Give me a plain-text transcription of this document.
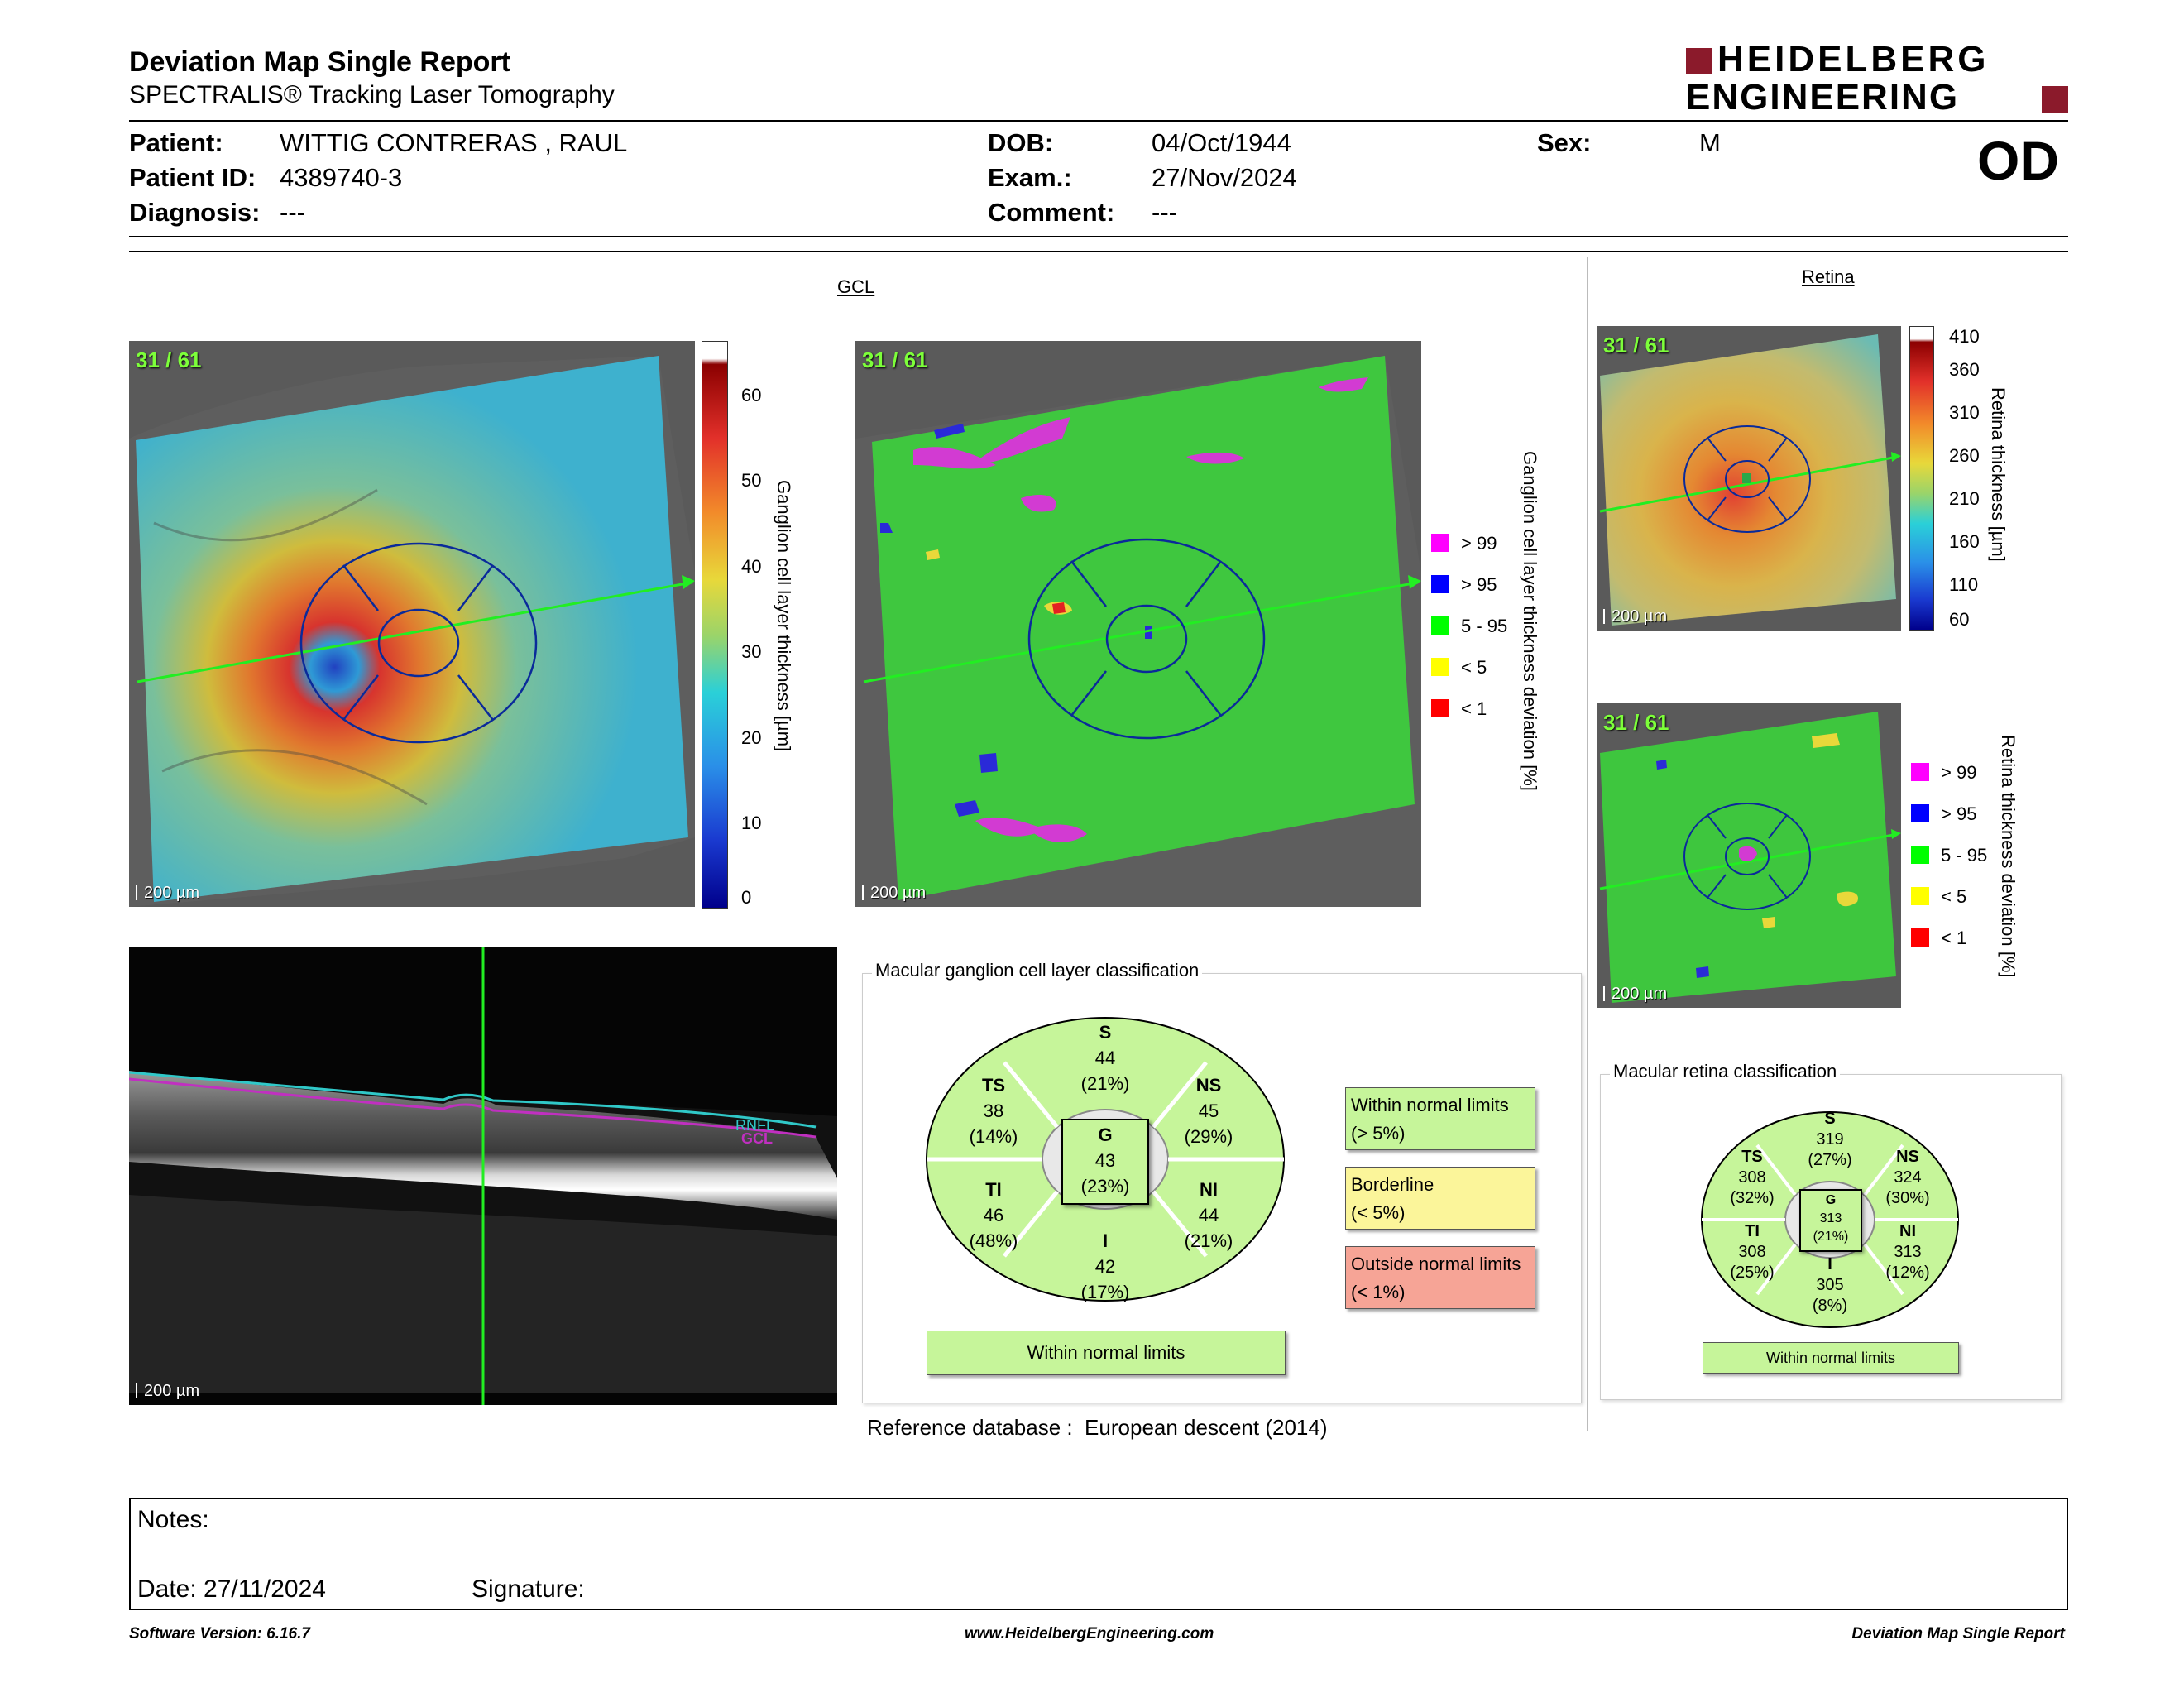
Deviation Map Single Report
SPECTRALIS® Tracking Laser Tomography
HEIDELBERG
ENGINEERING
Patient: WITTIG CONTRERAS , RAUL
Patient ID: 4389740-3
Diagnosis: ---
DOB:	04/Oct/1944
Exam.:	27/Nov/2024
Comment: ---
Sex:	M	OD
GCL
31 / 61
200 µm
60
50
40
30
20
10
0
Ganglion cell layer thickness [µm]
31 / 61
200 µm
> 99
> 95
5 - 95
< 5
< 1 Ganglion cell layer thickness deviation [%]
RNFL
GCL
200 µm
Macular ganglion cell layer classification
S
44
(21%)
TS
38
(14%)
NS
45
(29%)
G
43
(23%)
TI
46
(48%)
NI
44
(21%)
I
42
(17%)
Within normal limits
Within normal limits
(> 5%)
Borderline
(< 5%)
Outside normal limits
(< 1%)
Reference database :  European descent (2014)
Retina
31 / 61
200 µm
410
360
310
260
210
160
110
60
Retina thickness [µm]
31 / 61
200 µm
> 99
> 95
5 - 95
< 5
< 1 Retina thickness deviation [%]
Macular retina classification
S
319
(27%)
TS
308
(32%)
NS
324
(30%)
G
313
(21%)
TI
308
(25%)
NI
313
(12%)
I
305
(8%)
Within normal limits
Notes:
Date: 27/11/2024	Signature:
Software Version: 6.16.7	www.HeidelbergEngineering.com	Deviation Map Single Report
